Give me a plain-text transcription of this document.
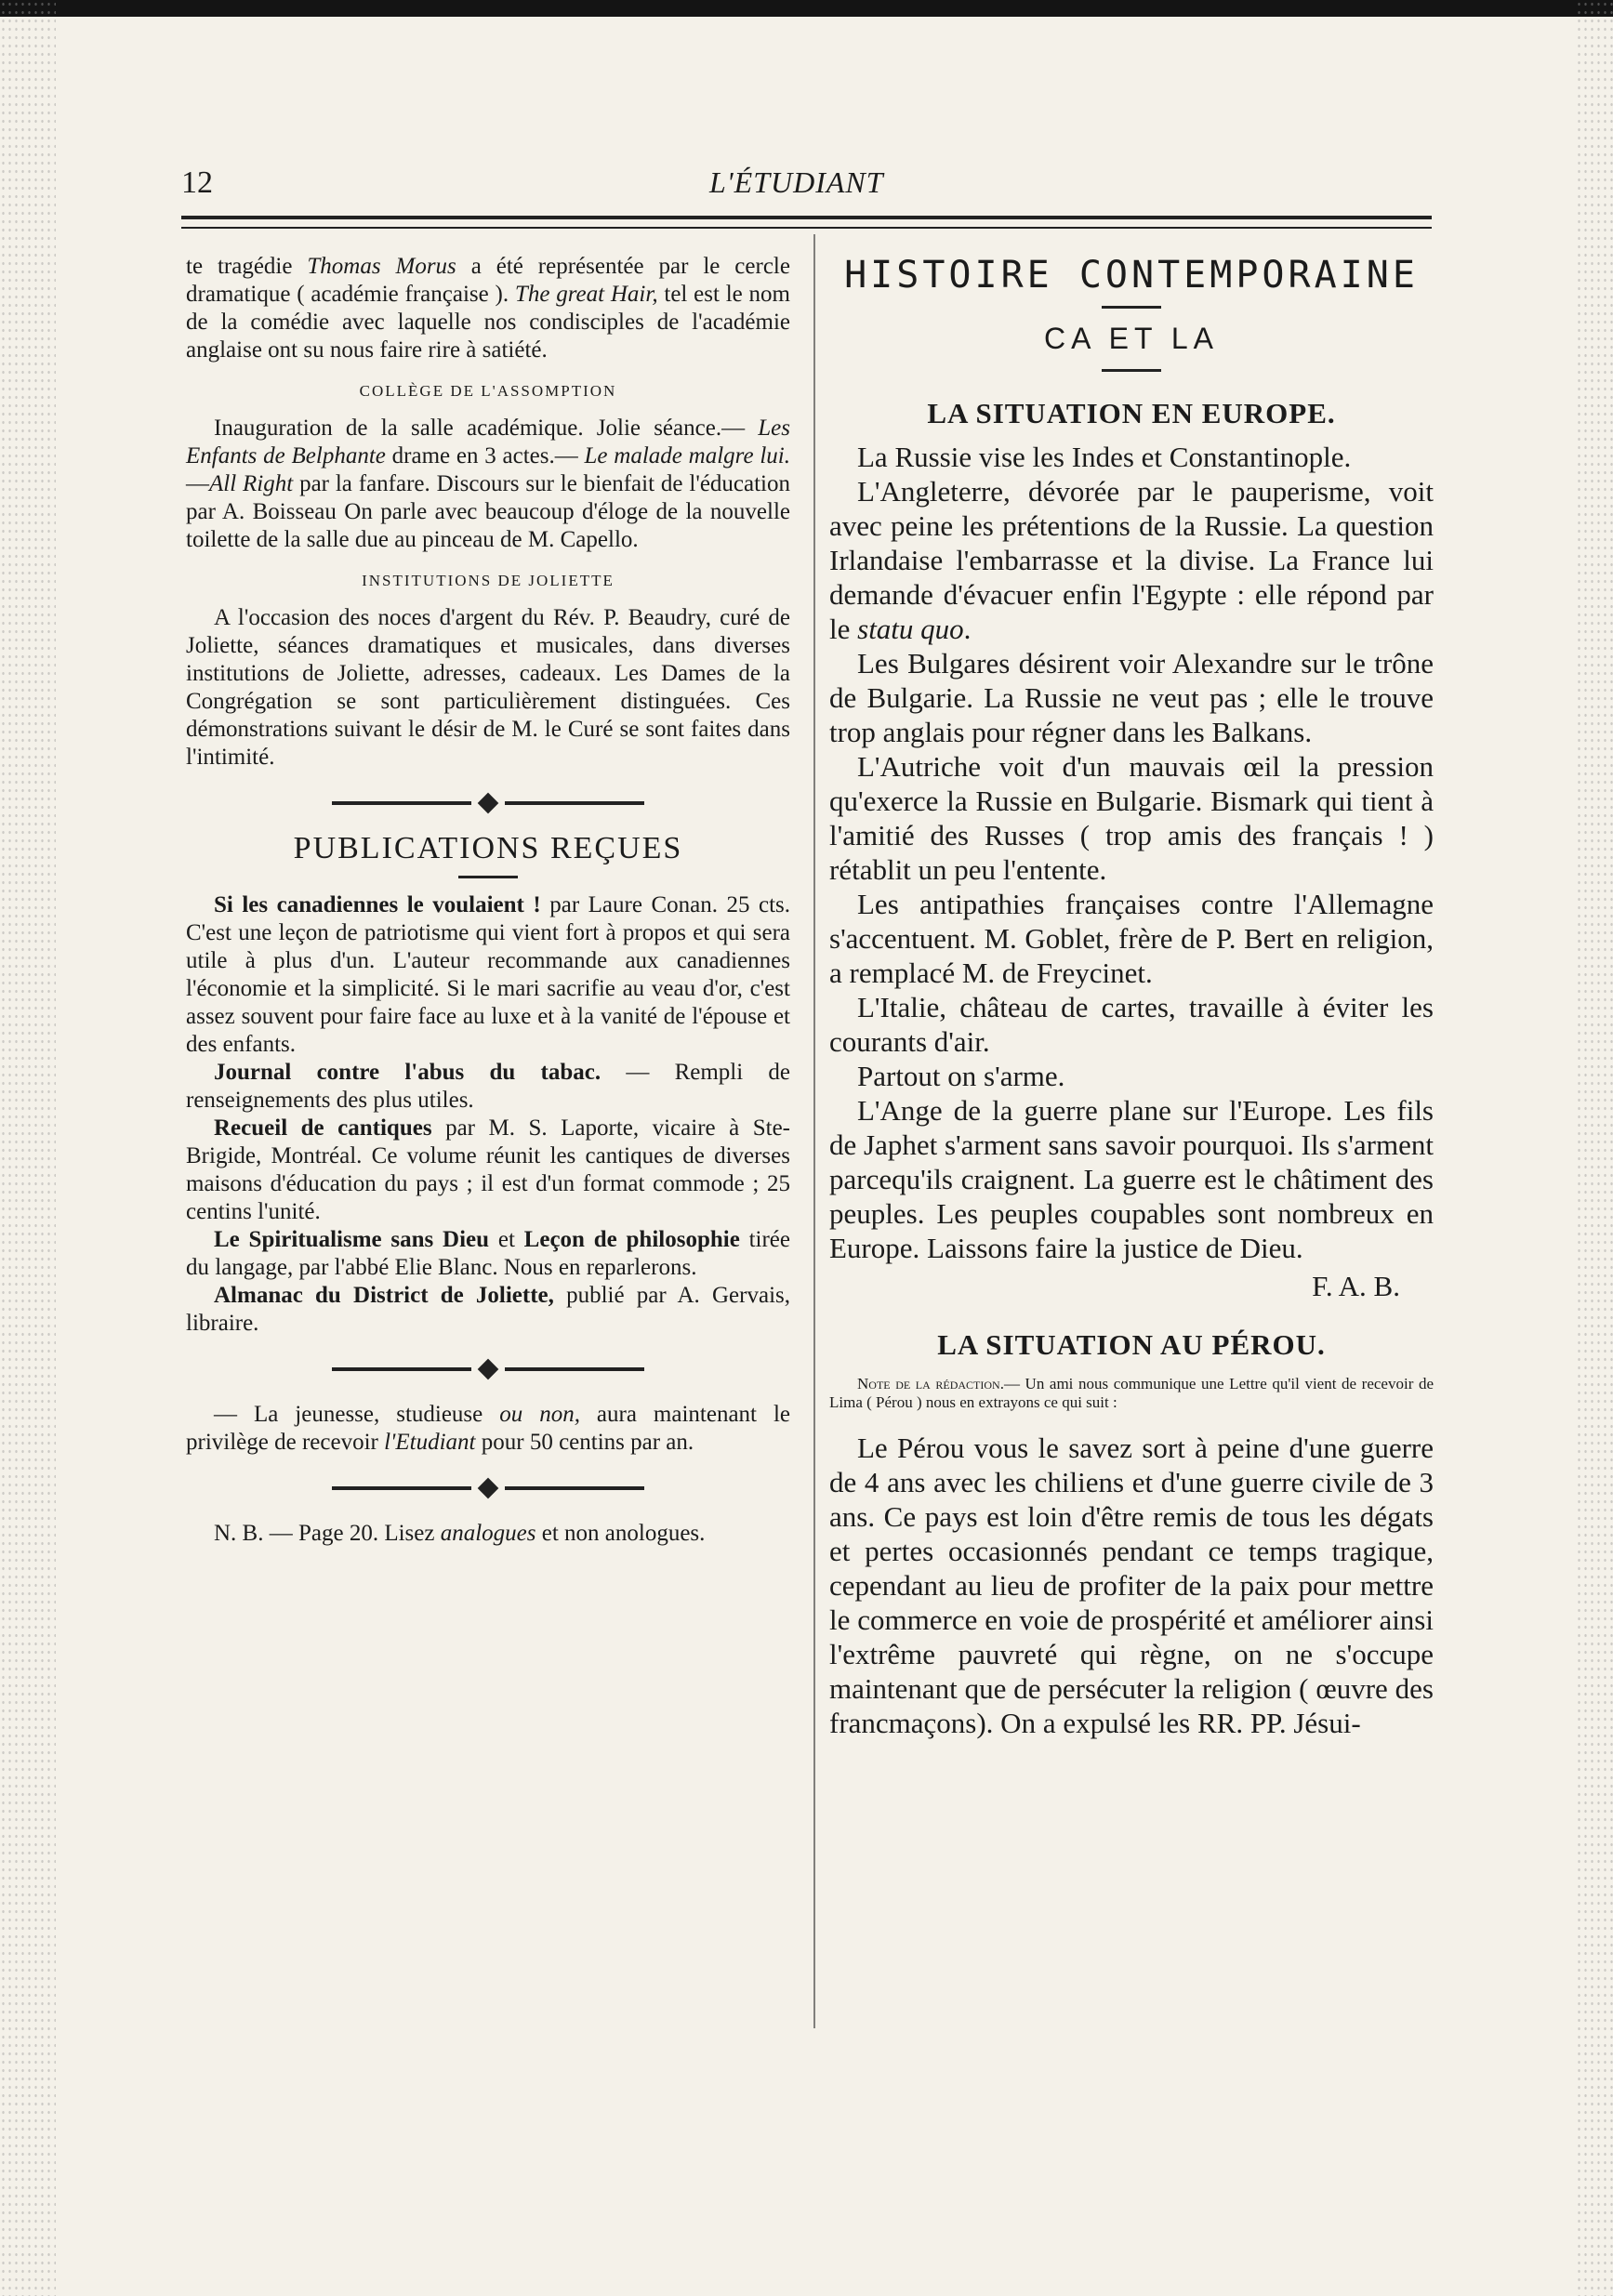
12	L'ÉTUDIANT

te tragédie Thomas Morus a été représentée par le cercle dramatique ( académie française ). The great Hair, tel est le nom de la comédie avec laquelle nos condisciples de l'académie anglaise ont su nous faire rire à satiété.

COLLÈGE DE L'ASSOMPTION

Inauguration de la salle académique. Jolie séance.— Les Enfants de Belphante drame en 3 actes.— Le malade malgre lui.—All Right par la fanfare. Discours sur le bienfait de l'éducation par A. Boisseau On parle avec beaucoup d'éloge de la nouvelle toilette de la salle due au pinceau de M. Capello.

INSTITUTIONS DE JOLIETTE

A l'occasion des noces d'argent du Rév. P. Beaudry, curé de Joliette, séances dramatiques et musicales, dans diverses institutions de Joliette, adresses, cadeaux. Les Dames de la Congrégation se sont particulièrement distinguées. Ces démonstrations suivant le désir de M. le Curé se sont faites dans l'intimité.

PUBLICATIONS REÇUES

Si les canadiennes le voulaient ! par Laure Conan. 25 cts. C'est une leçon de patriotisme qui vient fort à propos et qui sera utile à plus d'un. L'auteur recommande aux canadiennes l'économie et la simplicité. Si le mari sacrifie au veau d'or, c'est assez souvent pour faire face au luxe et à la vanité de l'épouse et des enfants.

Journal contre l'abus du tabac. — Rempli de renseignements des plus utiles.

Recueil de cantiques par M. S. Laporte, vicaire à Ste-Brigide, Montréal. Ce volume réunit les cantiques de diverses maisons d'éducation du pays ; il est d'un format commode ; 25 centins l'unité.

Le Spiritualisme sans Dieu et Leçon de philosophie tirée du langage, par l'abbé Elie Blanc. Nous en reparlerons.

Almanac du District de Joliette, publié par A. Gervais, libraire.

— La jeunesse, studieuse ou non, aura maintenant le privilège de recevoir l'Etudiant pour 50 centins par an.

N. B. — Page 20. Lisez analogues et non anologues.

HISTOIRE CONTEMPORAINE
CA ET LA
LA SITUATION EN EUROPE.

La Russie vise les Indes et Constantinople.

L'Angleterre, dévorée par le pauperisme, voit avec peine les prétentions de la Russie. La question Irlandaise l'embarrasse et la divise. La France lui demande d'évacuer enfin l'Egypte : elle répond par le statu quo.

Les Bulgares désirent voir Alexandre sur le trône de Bulgarie. La Russie ne veut pas ; elle le trouve trop anglais pour régner dans les Balkans.

L'Autriche voit d'un mauvais œil la pression qu'exerce la Russie en Bulgarie. Bismark qui tient à l'amitié des Russes ( trop amis des français ! ) rétablit un peu l'entente.

Les antipathies françaises contre l'Allemagne s'accentuent. M. Goblet, frère de P. Bert en religion, a remplacé M. de Freycinet.

L'Italie, château de cartes, travaille à éviter les courants d'air.

Partout on s'arme.

L'Ange de la guerre plane sur l'Europe. Les fils de Japhet s'arment sans savoir pourquoi. Ils s'arment parcequ'ils craignent. La guerre est le châtiment des peuples. Les peuples coupables sont nombreux en Europe. Laissons faire la justice de Dieu.

F. A. B.

LA SITUATION AU PÉROU.

Note de la rédaction.— Un ami nous communique une Lettre qu'il vient de recevoir de Lima ( Pérou ) nous en extrayons ce qui suit :

Le Pérou vous le savez sort à peine d'une guerre de 4 ans avec les chiliens et d'une guerre civile de 3 ans. Ce pays est loin d'être remis de tous les dégats et pertes occasionnés pendant ce temps tragique, cependant au lieu de profiter de la paix pour mettre le commerce en voie de prospérité et améliorer ainsi l'extrême pauvreté qui règne, on ne s'occupe maintenant que de persécuter la religion ( œuvre des francmaçons). On a expulsé les RR. PP. Jésui-
